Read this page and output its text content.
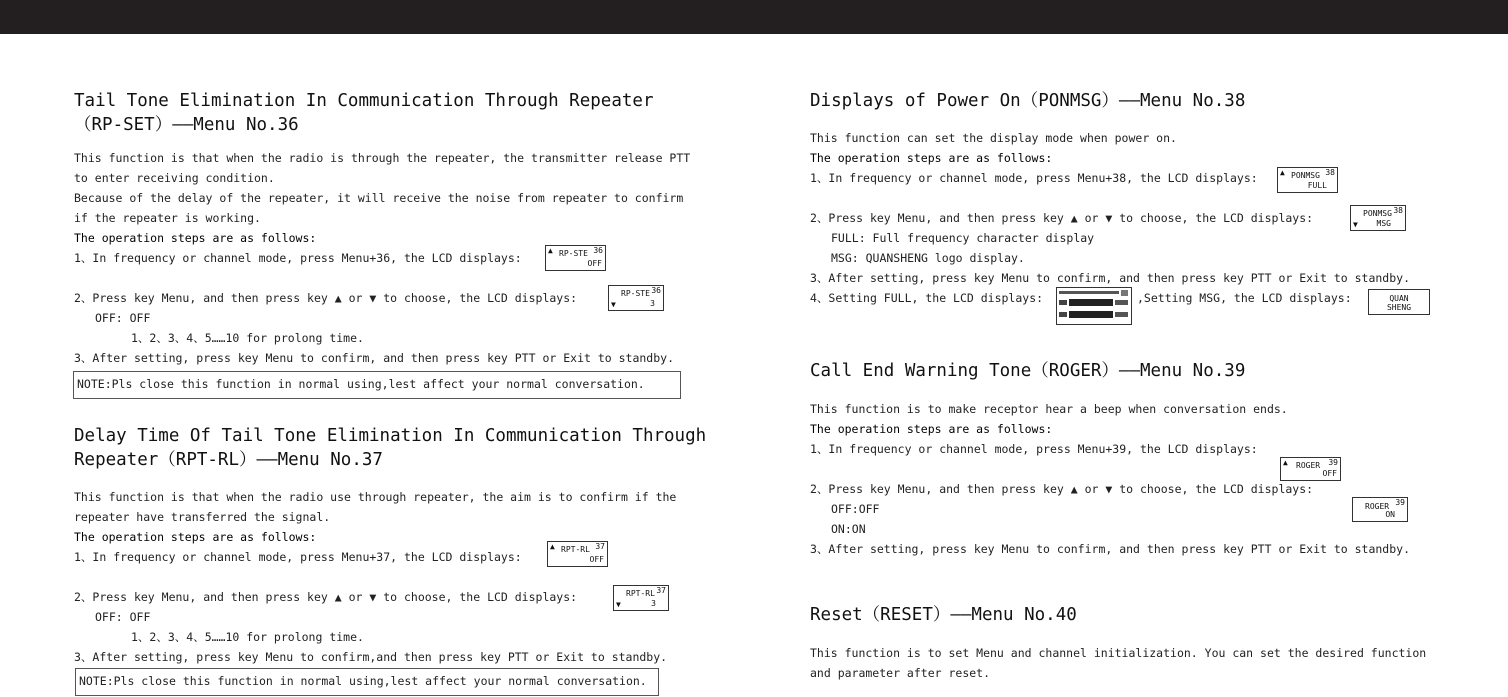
Tail Tone Elimination In Communication Through Repeater
（RP-SET）——Menu No.36
This function is that when the radio is through the repeater, the transmitter release PTT
to enter receiving condition.
Because of the delay of the repeater, it will receive the noise from repeater to confirm
if the repeater is working.
The operation steps are as follows:
1、In frequency or channel mode, press Menu+36, the LCD displays:
▲ RP-STE 36
OFF
2、Press key Menu, and then press key ▲ or ▼ to choose, the LCD displays:	RP-STE 36
▼	3
OFF: OFF
1、2、3、4、5……10 for prolong time.
3、After setting, press key Menu to confirm, and then press key PTT or Exit to standby.
NOTE:Pls close this function in normal using,lest affect your normal conversation.
Delay Time Of Tail Tone Elimination In Communication Through
Repeater（RPT-RL）——Menu No.37
This function is that when the radio use through repeater, the aim is to confirm if the
repeater have transferred the signal.
The operation steps are as follows:
1、In frequency or channel mode, press Menu+37, the LCD displays:
▲ RPT-RL 37
OFF
2、Press key Menu, and then press key ▲ or ▼ to choose, the LCD displays:	RPT-RL 37
▼	3
OFF: OFF
1、2、3、4、5……10 for prolong time.
3、After setting, press key Menu to confirm,and then press key PTT or Exit to standby.
NOTE:Pls close this function in normal using,lest affect your normal conversation.
Displays of Power On（PONMSG）——Menu No.38
This function can set the display mode when power on.
The operation steps are as follows:
1、In frequency or channel mode, press Menu+38, the LCD displays:	▲ PONMSG 38
FULL
2、Press key Menu, and then press key ▲ or ▼ to choose, the LCD displays:	PONMSG 38
▼ MSG
FULL: Full frequency character display
MSG: QUANSHENG logo display.
3、After setting, press key Menu to confirm, and then press key PTT or Exit to standby.
4、Setting FULL, the LCD displays:	,Setting MSG, the LCD displays:	QUAN
SHENG
Call End Warning Tone（ROGER）——Menu No.39
This function is to make receptor hear a beep when conversation ends.
The operation steps are as follows:
1、In frequency or channel mode, press Menu+39, the LCD displays:
▲ ROGER 39
OFF
2、Press key Menu, and then press key ▲ or ▼ to choose, the LCD displays:
ROGER 39
ON
OFF:OFF
ON:ON
3、After setting, press key Menu to confirm, and then press key PTT or Exit to standby.
Reset（RESET）——Menu No.40
This function is to set Menu and channel initialization. You can set the desired function
and parameter after reset.
